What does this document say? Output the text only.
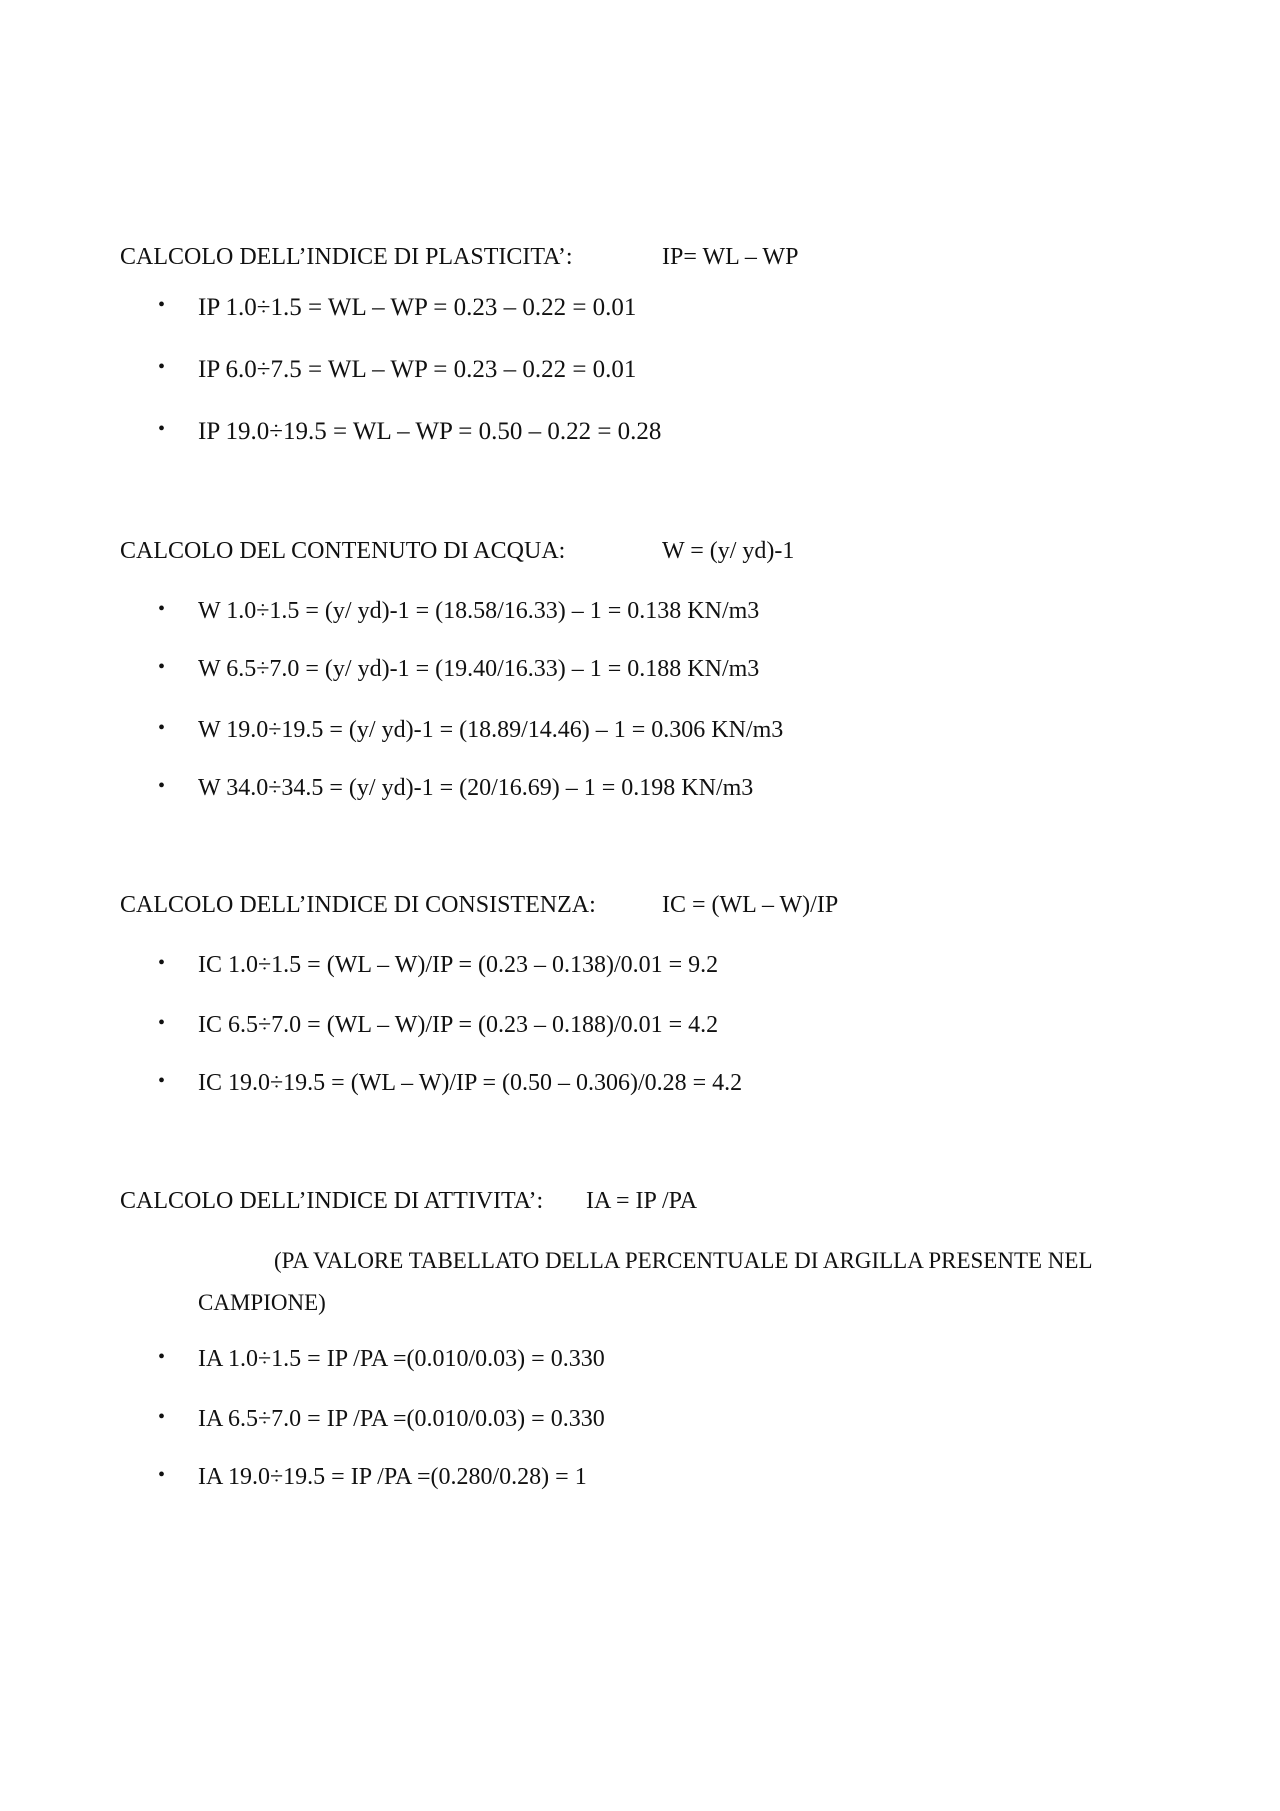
CALCOLO DELL’INDICE DI PLASTICITA’:	IP= WL – WP
• IP 1.0÷1.5 = WL – WP = 0.23 – 0.22 = 0.01
• IP 6.0÷7.5 = WL – WP = 0.23 – 0.22 = 0.01
• IP 19.0÷19.5 = WL – WP = 0.50 – 0.22 = 0.28
CALCOLO DEL CONTENUTO DI ACQUA:	W = (y/ yd)-1
• W 1.0÷1.5 = (y/ yd)-1 = (18.58/16.33) – 1 = 0.138 KN/m3
• W 6.5÷7.0 = (y/ yd)-1 = (19.40/16.33) – 1 = 0.188 KN/m3
• W 19.0÷19.5 = (y/ yd)-1 = (18.89/14.46) – 1 = 0.306 KN/m3
• W 34.0÷34.5 = (y/ yd)-1 = (20/16.69) – 1 = 0.198 KN/m3
CALCOLO DELL’INDICE DI CONSISTENZA:	IC = (WL – W)/IP
• IC 1.0÷1.5 = (WL – W)/IP = (0.23 – 0.138)/0.01 = 9.2
• IC 6.5÷7.0 = (WL – W)/IP = (0.23 – 0.188)/0.01 = 4.2
• IC 19.0÷19.5 = (WL – W)/IP = (0.50 – 0.306)/0.28 = 4.2
CALCOLO DELL’INDICE DI ATTIVITA’: IA = IP /PA
(PA VALORE TABELLATO DELLA PERCENTUALE DI ARGILLA PRESENTE NEL CAMPIONE)
• IA 1.0÷1.5 = IP /PA =(0.010/0.03) = 0.330
• IA 6.5÷7.0 = IP /PA =(0.010/0.03) = 0.330
• IA 19.0÷19.5 = IP /PA =(0.280/0.28) = 1
